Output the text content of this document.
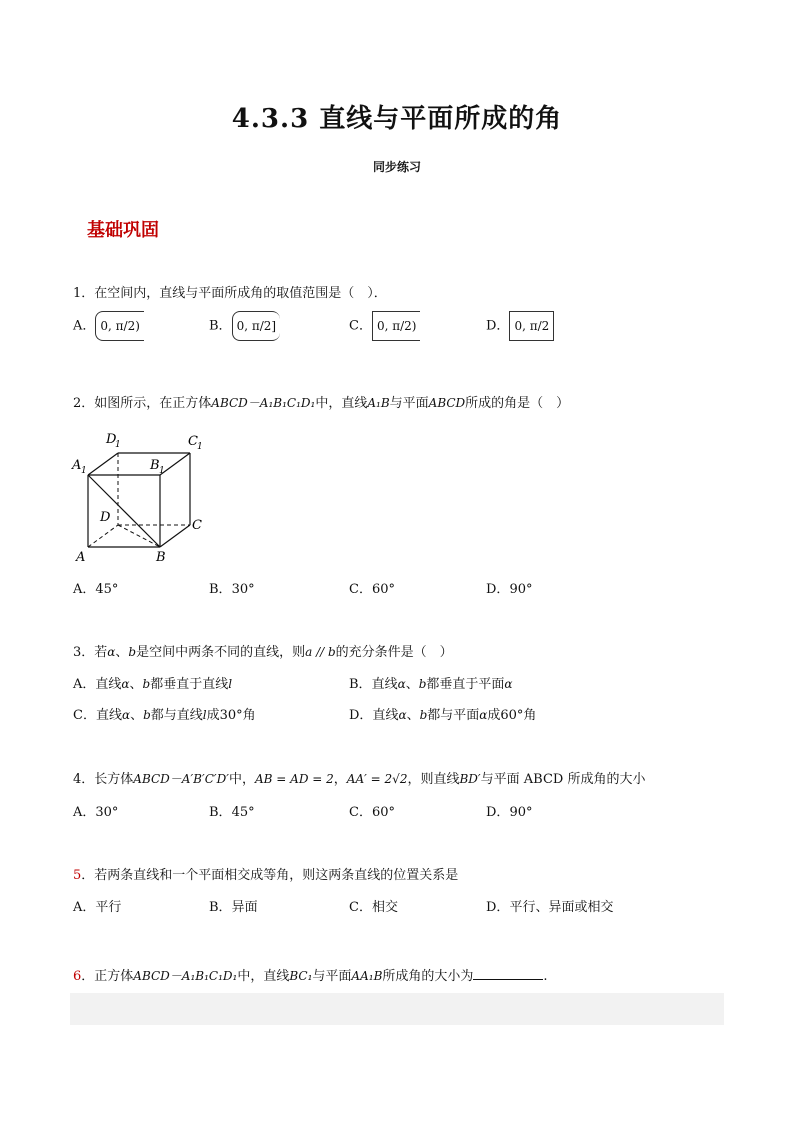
4.3.3 直线与平面所成的角
同步练习
基础巩固
1．在空间内，直线与平面所成角的取值范围是（　）．
A． 0, π/2)	B． 0, π/2]	C． 0, π/2)	D． 0, π/2
2．如图所示，在正方体ABCD－A₁B₁C₁D₁中，直线A₁B与平面ABCD所成的角是（　）
A	B
C
D
A 1	B 1
C 1
D
1
A．45°	B．30°	C．60°	D．90°
3．若α、b是空间中两条不同的直线，则a // b的充分条件是（　）
A．直线α、b都垂直于直线l	B．直线α、b都垂直于平面α
C．直线α、b都与直线l成30°角	D．直线α、b都与平面α成60°角
4．长方体ABCD－A′B′C′D′中，AB = AD = 2，AA′ = 2√2，则直线BD′与平面 ABCD 所成角的大小
A．30°	B．45°	C．60°	D．90°
5．若两条直线和一个平面相交成等角，则这两条直线的位置关系是
A．平行	B．异面	C．相交	D．平行、异面或相交
6．正方体ABCD－A₁B₁C₁D₁中，直线BC₁与平面AA₁B所成角的大小为	.
